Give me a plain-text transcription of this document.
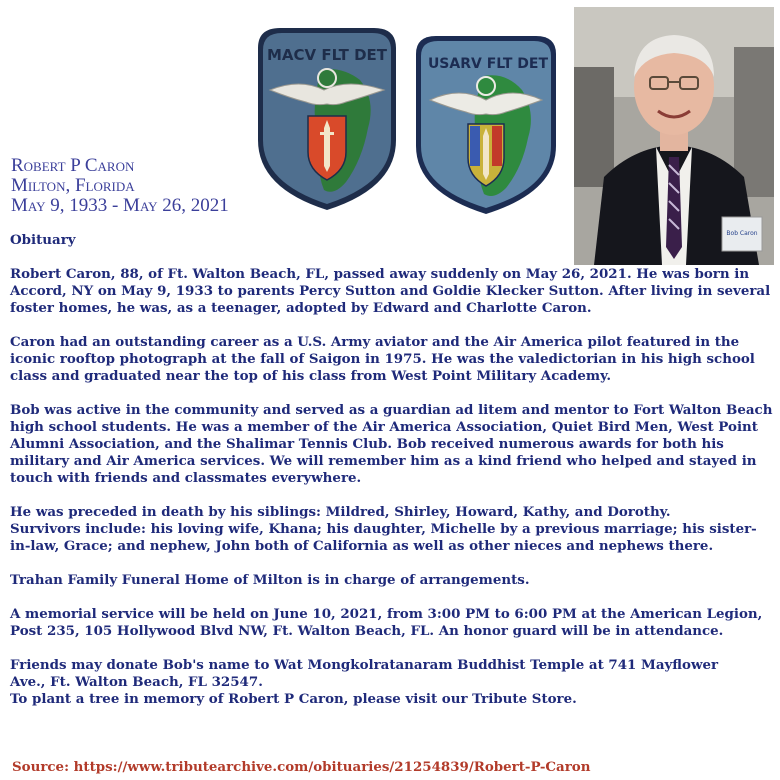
Robert P Caron
Milton, Florida
May 9, 1933 - May 26, 2021
MACV FLT DET	USARV FLT DET
Bob Caron

Obituary

Robert Caron, 88, of Ft. Walton Beach, FL, passed away suddenly on May 26, 2021. He was born in Accord, NY on May 9, 1933 to parents Percy Sutton and Goldie Klecker Sutton. After living in several foster homes, he was, as a teenager, adopted by Edward and Charlotte Caron.

Caron had an outstanding career as a U.S. Army aviator and the Air America pilot featured in the iconic rooftop photograph at the fall of Saigon in 1975. He was the valedictorian in his high school class and graduated near the top of his class from West Point Military Academy.

Bob was active in the community and served as a guardian ad litem and mentor to Fort Walton Beach high school students. He was a member of the Air America Association, Quiet Bird Men, West Point Alumni Association, and the Shalimar Tennis Club. Bob received numerous awards for both his military and Air America services. We will remember him as a kind friend who helped and stayed in touch with friends and classmates everywhere.

He was preceded in death by his siblings: Mildred, Shirley, Howard, Kathy, and Dorothy.

Survivors include: his loving wife, Khana; his daughter, Michelle by a previous marriage; his sister-in-law, Grace; and nephew, John both of California as well as other nieces and nephews there.

Trahan Family Funeral Home of Milton is in charge of arrangements.

A memorial service will be held on June 10, 2021, from 3:00 PM to 6:00 PM at the American Legion, Post 235, 105 Hollywood Blvd NW, Ft. Walton Beach, FL. An honor guard will be in attendance.

Friends may donate Bob's name to Wat Mongkolratanaram Buddhist Temple at 741 Mayflower

Ave., Ft. Walton Beach, FL 32547.

To plant a tree in memory of Robert P Caron, please visit our Tribute Store.

Source: https://www.tributearchive.com/obituaries/21254839/Robert-P-Caron
